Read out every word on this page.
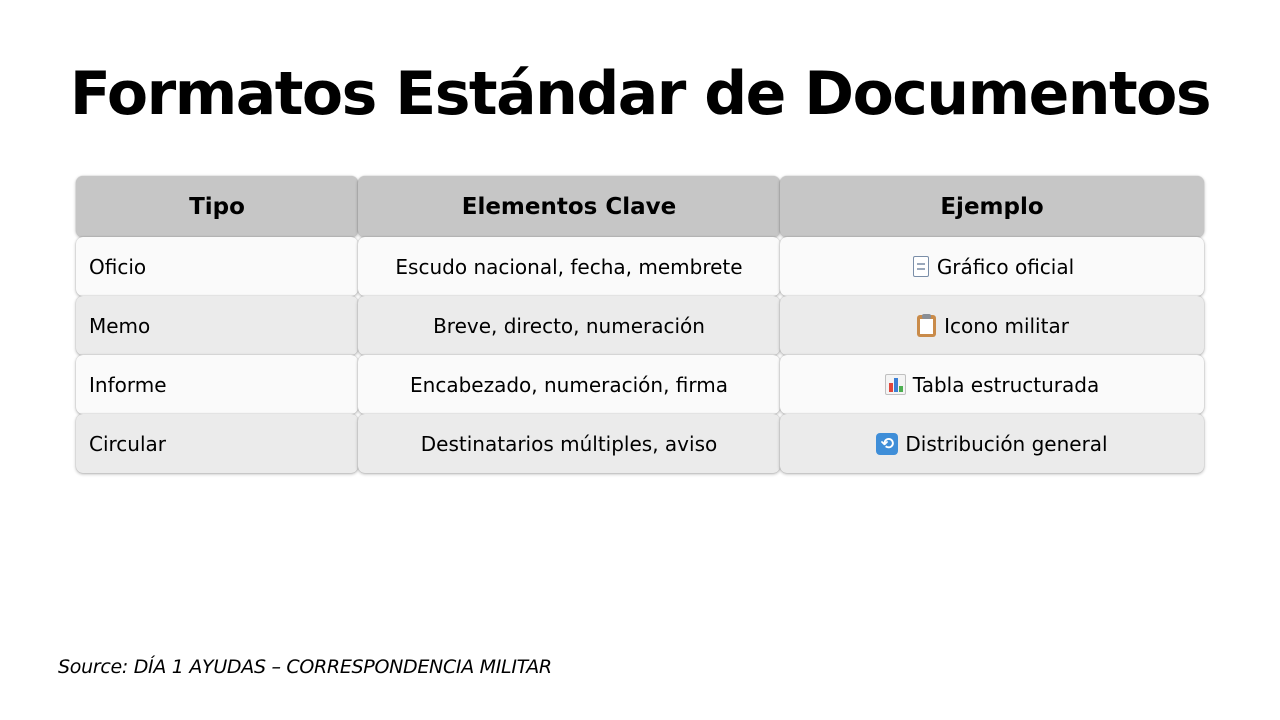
Formatos Estándar de Documentos
Tipo	Elementos Clave	Ejemplo
Oficio	Escudo nacional, fecha, membrete	Gráfico oficial
Memo	Breve, directo, numeración	Icono militar
Informe	Encabezado, numeración, firma	Tabla estructurada
Circular	Destinatarios múltiples, aviso	⟲ Distribución general
Source: DÍA 1 AYUDAS – CORRESPONDENCIA MILITAR
